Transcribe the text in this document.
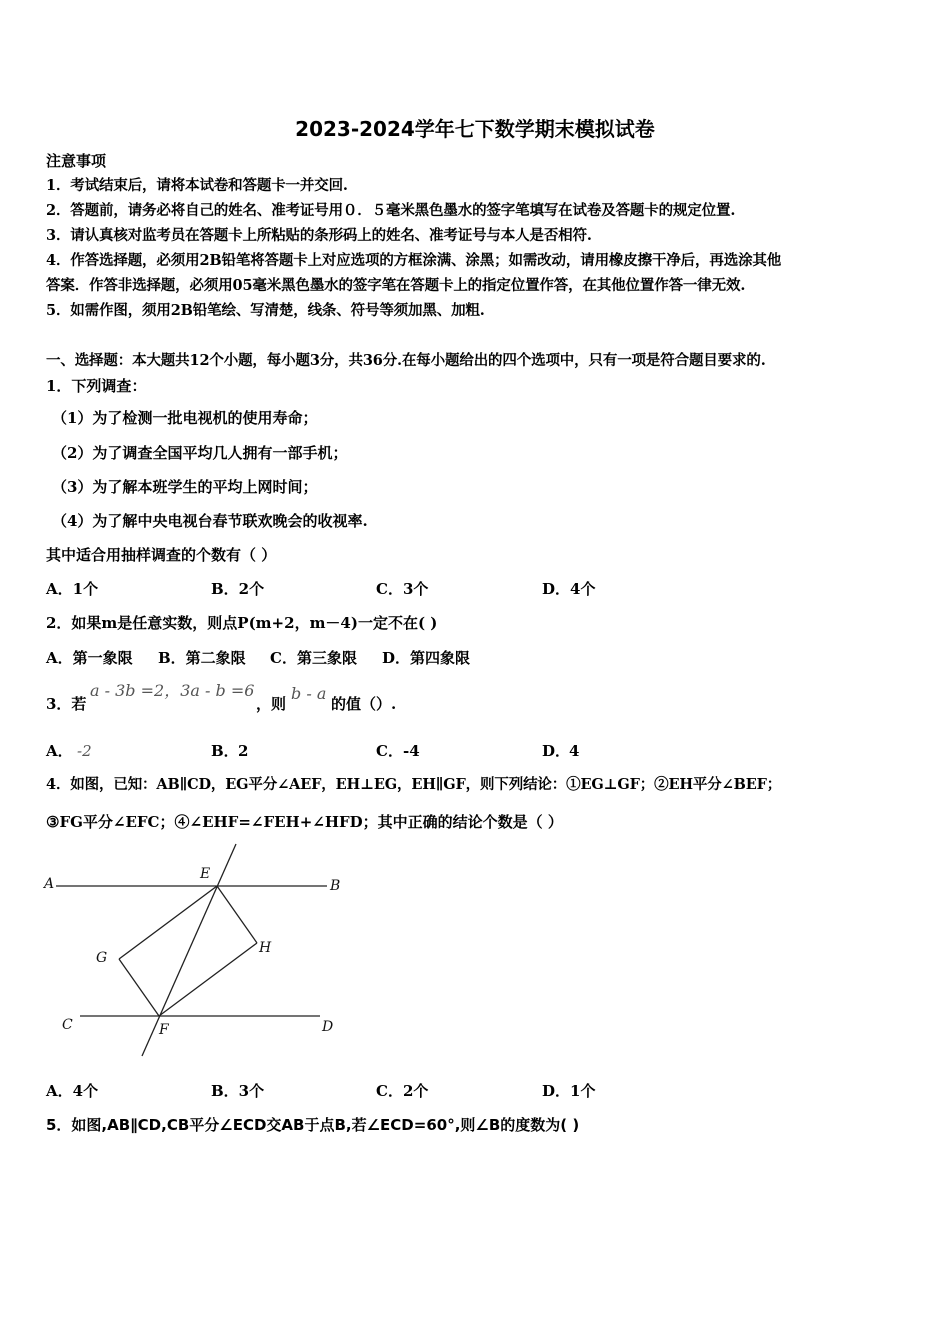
2023-2024学年七下数学期末模拟试卷
注意事项
1．考试结束后，请将本试卷和答题卡一并交回.
2．答题前，请务必将自己的姓名、准考证号用０．５毫米黑色墨水的签字笔填写在试卷及答题卡的规定位置.
3．请认真核对监考员在答题卡上所粘贴的条形码上的姓名、准考证号与本人是否相符.
4．作答选择题，必须用2B铅笔将答题卡上对应选项的方框涂满、涂黑；如需改动，请用橡皮擦干净后，再选涂其他
答案．作答非选择题，必须用05毫米黑色墨水的签字笔在答题卡上的指定位置作答，在其他位置作答一律无效.
5．如需作图，须用2B铅笔绘、写清楚，线条、符号等须加黑、加粗.
一、选择题：本大题共12个小题，每小题3分，共36分.在每小题给出的四个选项中，只有一项是符合题目要求的.
1．下列调查：
（1）为了检测一批电视机的使用寿命；
（2）为了调查全国平均几人拥有一部手机；
（3）为了解本班学生的平均上网时间；
（4）为了解中央电视台春节联欢晚会的收视率.
其中适合用抽样调查的个数有（ ）
A．1个	B．2个	C．3个	D．4个
2．如果m是任意实数，则点P(m+2，m－4)一定不在( )
A．第一象限 B．第二象限 C．第三象限 D．第四象限
3．若
a - 3b =2，3a - b =6
，则
b - a
的值（）.
A． -2	B． 2	C． -4	D．
4
4．如图，已知：AB∥CD，EG平分∠AEF，EH⊥EG，EH∥GF，则下列结论：①EG⊥GF；②EH平分∠BEF；
③FG平分∠EFC；④∠EHF=∠FEH+∠HFD；其中正确的结论个数是（ ）
A	B
E
G
H
C	F	D
A．4个	B．3个	C．2个	D．1个
5．如图,AB∥CD,CB平分∠ECD交AB于点B,若∠ECD=60°,则∠B的度数为( )
